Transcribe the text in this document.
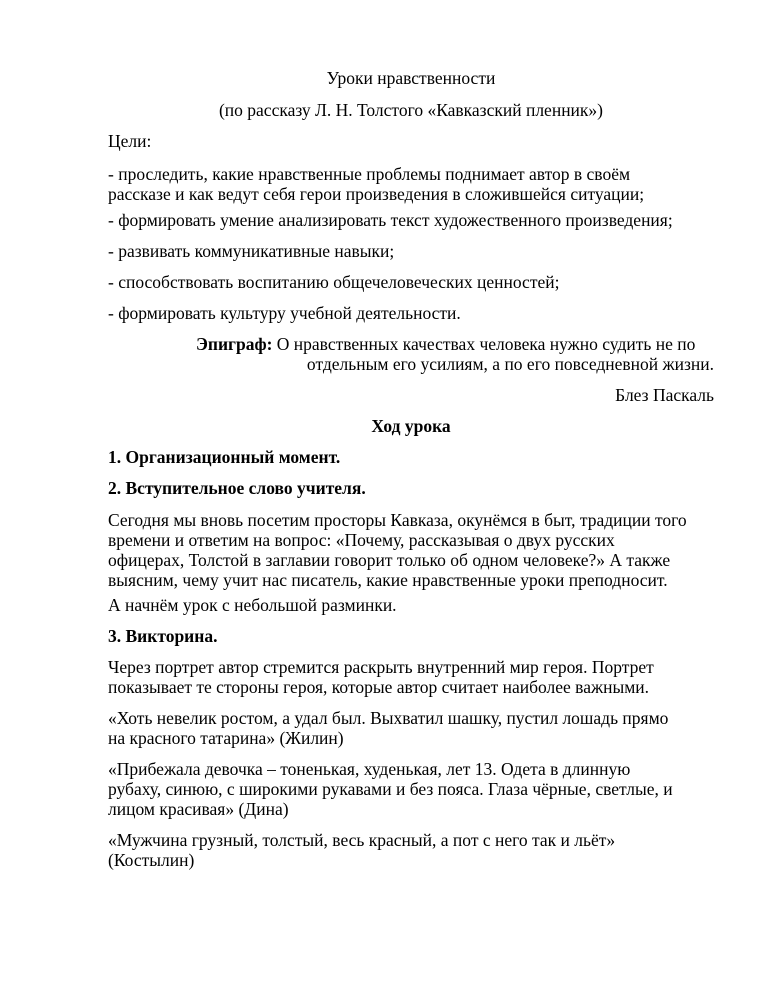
Уроки нравственности
(по рассказу Л. Н. Толстого «Кавказский пленник»)
Цели:
- проследить, какие нравственные проблемы поднимает автор в своём
рассказе и как ведут себя герои произведения в сложившейся ситуации;
- формировать умение анализировать текст художественного произведения;
- развивать коммуникативные навыки;
- способствовать воспитанию общечеловеческих ценностей;
- формировать культуру учебной деятельности.
Эпиграф: О нравственных качествах человека нужно судить не по
отдельным его усилиям, а по его повседневной жизни.
Блез Паскаль
Ход урока
1. Организационный момент.
2. Вступительное слово учителя.
Сегодня мы вновь посетим просторы Кавказа, окунёмся в быт, традиции того
времени и ответим на вопрос: «Почему, рассказывая о двух русских
офицерах, Толстой в заглавии говорит только об одном человеке?» А также
выясним, чему учит нас писатель, какие нравственные уроки преподносит.
А начнём урок с небольшой разминки.
3. Викторина.
Через портрет автор стремится раскрыть внутренний мир героя. Портрет
показывает те стороны героя, которые автор считает наиболее важными.
«Хоть невелик ростом, а удал был. Выхватил шашку, пустил лошадь прямо
на красного татарина» (Жилин)
«Прибежала девочка – тоненькая, худенькая, лет 13. Одета в длинную
рубаху, синюю, с широкими рукавами и без пояса. Глаза чёрные, светлые, и
лицом красивая» (Дина)
«Мужчина грузный, толстый, весь красный, а пот с него так и льёт»
(Костылин)
